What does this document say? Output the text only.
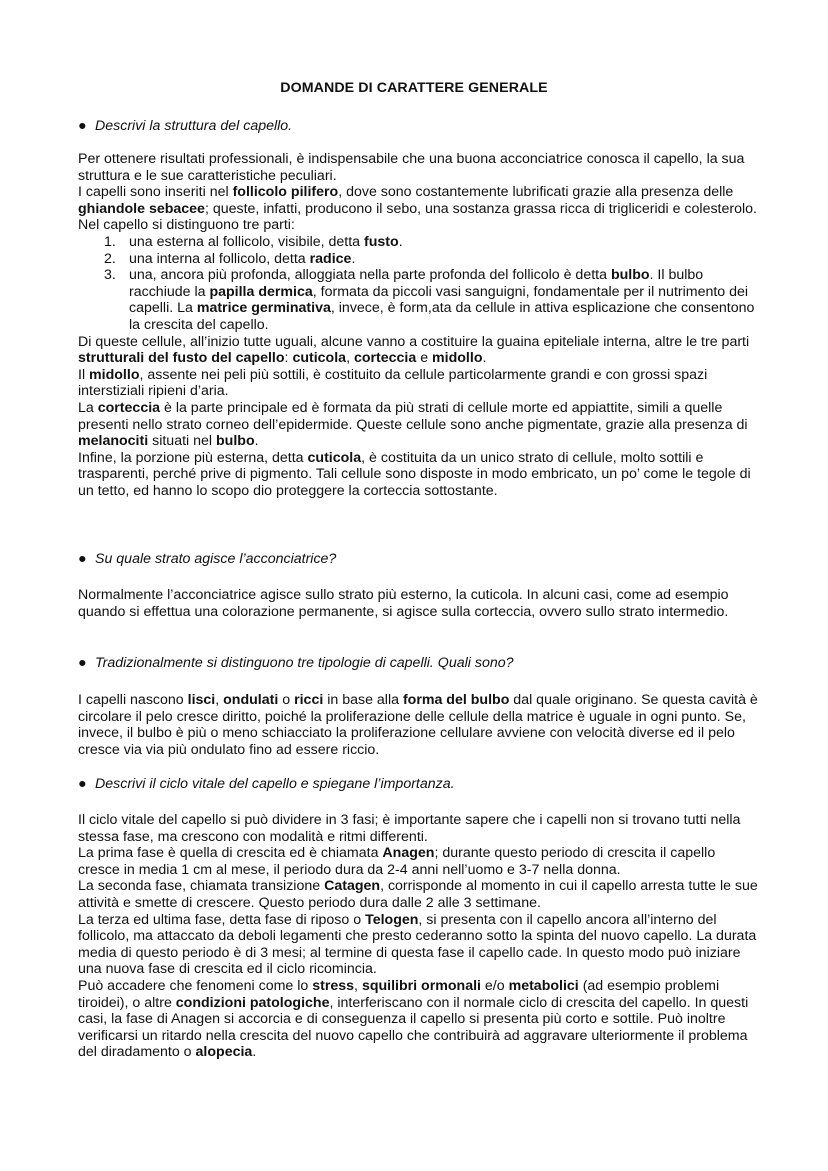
DOMANDE DI CARATTERE GENERALE
● Descrivi la struttura del capello.

Per ottenere risultati professionali, è indispensabile che una buona acconciatrice conosca il capello, la sua struttura e le sue caratteristiche peculiari.

I capelli sono inseriti nel follicolo pilifero, dove sono costantemente lubrificati grazie alla presenza delle ghiandole sebacee; queste, infatti, producono il sebo, una sostanza grassa ricca di trigliceridi e colesterolo.

Nel capello si distinguono tre parti:

1. una esterna al follicolo, visibile, detta fusto.
2. una interna al follicolo, detta radice.
3. una, ancora più profonda, alloggiata nella parte profonda del follicolo è detta bulbo. Il bulbo racchiude la papilla dermica, formata da piccoli vasi sanguigni, fondamentale per il nutrimento dei capelli. La matrice germinativa, invece, è form,ata da cellule in attiva esplicazione che consentono la crescita del capello.

Di queste cellule, all’inizio tutte uguali, alcune vanno a costituire la guaina epiteliale interna, altre le tre parti strutturali del fusto del capello: cuticola, corteccia e midollo.

Il midollo, assente nei peli più sottili, è costituito da cellule particolarmente grandi e con grossi spazi interstiziali ripieni d’aria.

La corteccia è la parte principale ed è formata da più strati di cellule morte ed appiattite, simili a quelle presenti nello strato corneo dell’epidermide. Queste cellule sono anche pigmentate, grazie alla presenza di melanociti situati nel bulbo.

Infine, la porzione più esterna, detta cuticola, è costituita da un unico strato di cellule, molto sottili e trasparenti, perché prive di pigmento. Tali cellule sono disposte in modo embricato, un po’ come le tegole di un tetto, ed hanno lo scopo dio proteggere la corteccia sottostante.

● Su quale strato agisce l’acconciatrice?

Normalmente l’acconciatrice agisce sullo strato più esterno, la cuticola. In alcuni casi, come ad esempio quando si effettua una colorazione permanente, si agisce sulla corteccia, ovvero sullo strato intermedio.

● Tradizionalmente si distinguono tre tipologie di capelli. Quali sono?

I capelli nascono lisci, ondulati o ricci in base alla forma del bulbo dal quale originano. Se questa cavità è circolare il pelo cresce diritto, poiché la proliferazione delle cellule della matrice è uguale in ogni punto. Se, invece, il bulbo è più o meno schiacciato la proliferazione cellulare avviene con velocità diverse ed il pelo cresce via via più ondulato fino ad essere riccio.

● Descrivi il ciclo vitale del capello e spiegane l’importanza.

Il ciclo vitale del capello si può dividere in 3 fasi; è importante sapere che i capelli non si trovano tutti nella stessa fase, ma crescono con modalità e ritmi differenti.

La prima fase è quella di crescita ed è chiamata Anagen; durante questo periodo di crescita il capello cresce in media 1 cm al mese, il periodo dura da 2-4 anni nell’uomo e 3-7 nella donna.

La seconda fase, chiamata transizione Catagen, corrisponde al momento in cui il capello arresta tutte le sue attività e smette di crescere. Questo periodo dura dalle 2 alle 3 settimane.

La terza ed ultima fase, detta fase di riposo o Telogen, si presenta con il capello ancora all’interno del follicolo, ma attaccato da deboli legamenti che presto cederanno sotto la spinta del nuovo capello. La durata media di questo periodo è di 3 mesi; al termine di questa fase il capello cade. In questo modo può iniziare una nuova fase di crescita ed il ciclo ricomincia.

Può accadere che fenomeni come lo stress, squilibri ormonali e/o metabolici (ad esempio problemi tiroidei), o altre condizioni patologiche, interferiscano con il normale ciclo di crescita del capello. In questi casi, la fase di Anagen si accorcia e di conseguenza il capello si presenta più corto e sottile. Può inoltre verificarsi un ritardo nella crescita del nuovo capello che contribuirà ad aggravare ulteriormente il problema del diradamento o alopecia.
